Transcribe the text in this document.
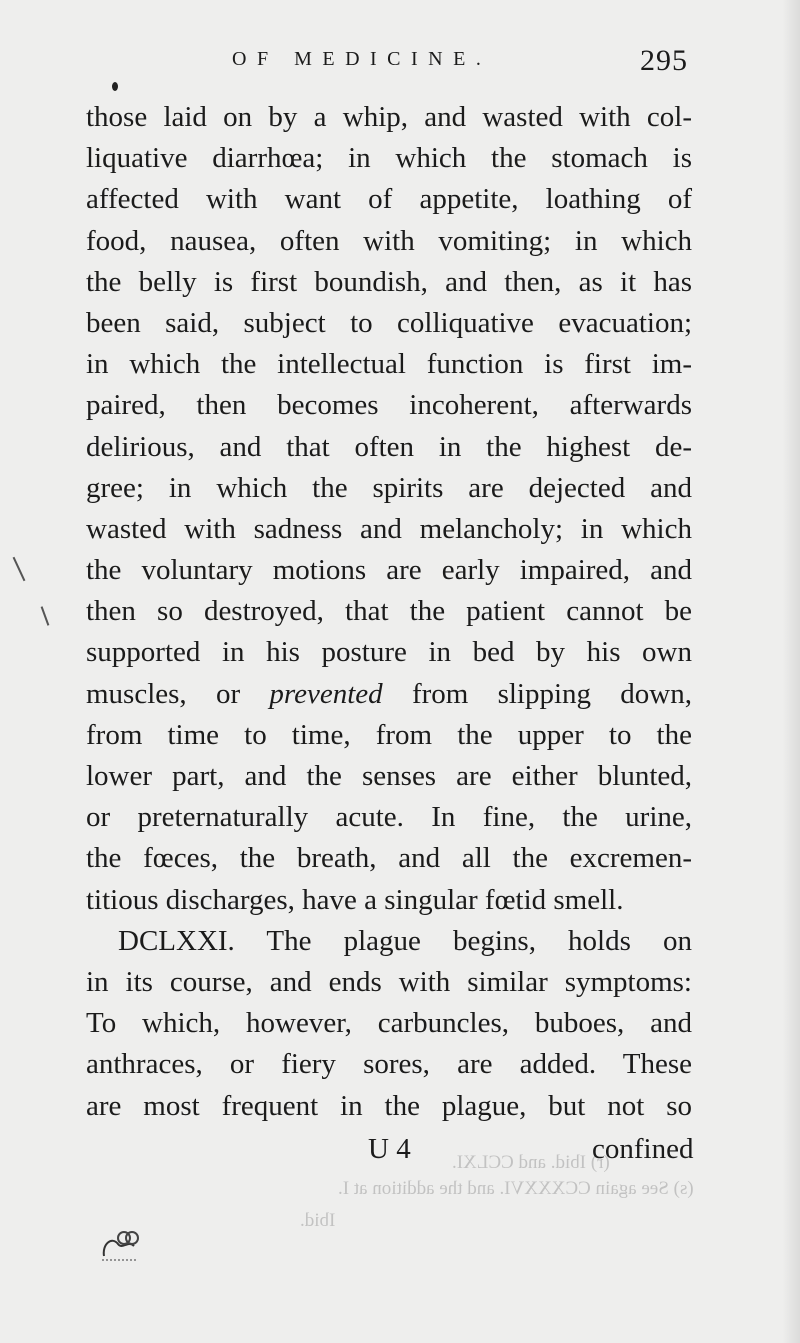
OF MEDICINE.	295
those laid on by a whip, and wasted with col-
liquative diarrhœa; in which the stomach is
affected with want of appetite, loathing of
food, nausea, often with vomiting; in which
the belly is first boundish, and then, as it has
been said, subject to colliquative evacuation;
in which the intellectual function is first im-
paired, then becomes incoherent, afterwards
delirious, and that often in the highest de-
gree; in which the spirits are dejected and
wasted with sadness and melancholy; in which
the voluntary motions are early impaired, and
then so destroyed, that the patient cannot be
supported in his posture in bed by his own
muscles, or prevented from slipping down,
from time to time, from the upper to the
lower part, and the senses are either blunted,
or preternaturally acute. In fine, the urine,
the fœces, the breath, and all the excremen-
titious discharges, have a singular fœtid smell.
DCLXXI. The plague begins, holds on
in its course, and ends with similar symptoms:
To which, however, carbuncles, buboes, and
anthraces, or fiery sores, are added. These
are most frequent in the plague, but not so
U 4	confined
(r) Ibid. and CCLXI.
(s) See again CCXXXVI. and the addition at I.
Ibid.
